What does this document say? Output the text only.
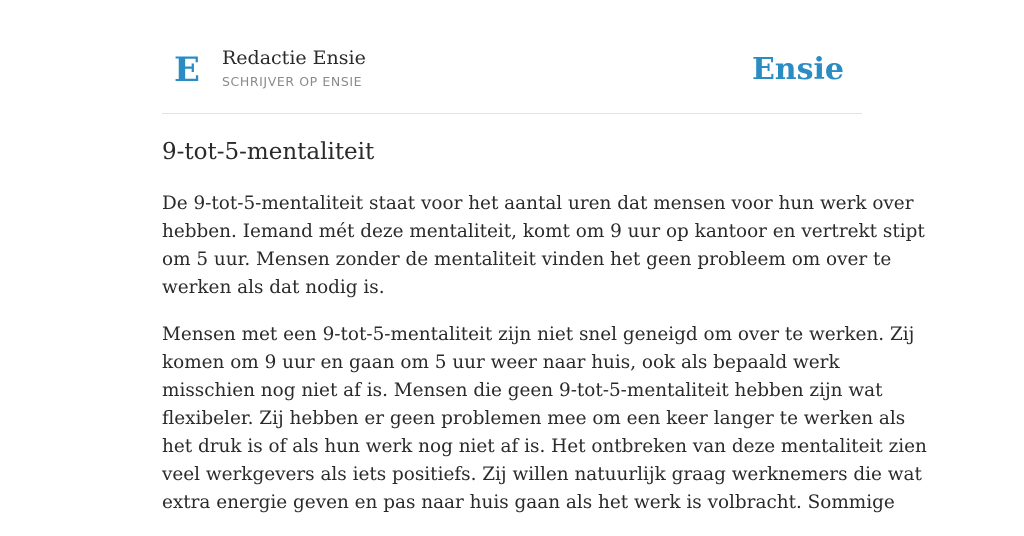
E Redactie Ensie
SCHRIJVER OP ENSIE	Ensie
9-tot-5-mentaliteit

De 9-tot-5-mentaliteit staat voor het aantal uren dat mensen voor hun werk over
hebben. Iemand mét deze mentaliteit, komt om 9 uur op kantoor en vertrekt stipt
om 5 uur. Mensen zonder de mentaliteit vinden het geen probleem om over te
werken als dat nodig is.

Mensen met een 9-tot-5-mentaliteit zijn niet snel geneigd om over te werken. Zij
komen om 9 uur en gaan om 5 uur weer naar huis, ook als bepaald werk
misschien nog niet af is. Mensen die geen 9-tot-5-mentaliteit hebben zijn wat
flexibeler. Zij hebben er geen problemen mee om een keer langer te werken als
het druk is of als hun werk nog niet af is. Het ontbreken van deze mentaliteit zien
veel werkgevers als iets positiefs. Zij willen natuurlijk graag werknemers die wat
extra energie geven en pas naar huis gaan als het werk is volbracht. Sommige
